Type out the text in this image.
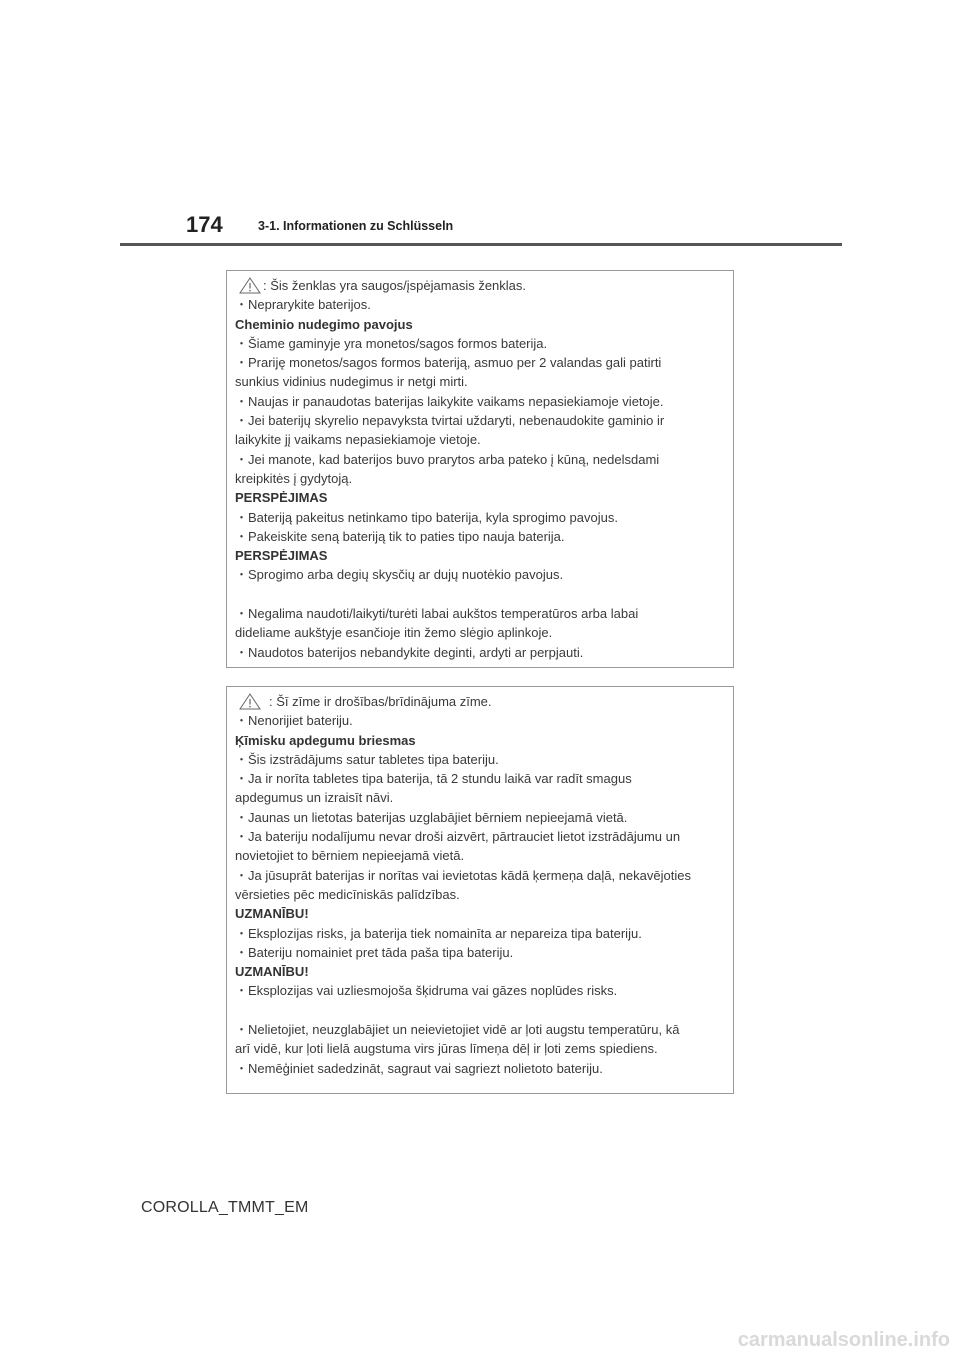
174	3-1. Informationen zu Schlüsseln
: Šis ženklas yra saugos/įspėjamasis ženklas.
・Neprarykite baterijos.
Cheminio nudegimo pavojus
・Šiame gaminyje yra monetos/sagos formos baterija.
・Prariję monetos/sagos formos bateriją, asmuo per 2 valandas gali patirti
sunkius vidinius nudegimus ir netgi mirti.
・Naujas ir panaudotas baterijas laikykite vaikams nepasiekiamoje vietoje.
・Jei baterijų skyrelio nepavyksta tvirtai uždaryti, nebenaudokite gaminio ir
laikykite jį vaikams nepasiekiamoje vietoje.
・Jei manote, kad baterijos buvo prarytos arba pateko į kūną, nedelsdami
kreipkitės į gydytoją.
PERSPĖJIMAS
・Bateriją pakeitus netinkamo tipo baterija, kyla sprogimo pavojus.
・Pakeiskite seną bateriją tik to paties tipo nauja baterija.
PERSPĖJIMAS
・Sprogimo arba degių skysčių ar dujų nuotėkio pavojus.
・Negalima naudoti/laikyti/turėti labai aukštos temperatūros arba labai
dideliame aukštyje esančioje itin žemo slėgio aplinkoje.
・Naudotos baterijos nebandykite deginti, ardyti ar perpjauti.
: Šī zīme ir drošības/brīdinājuma zīme.
・Nenorijiet bateriju.
Ķīmisku apdegumu briesmas
・Šis izstrādājums satur tabletes tipa bateriju.
・Ja ir norīta tabletes tipa baterija, tā 2 stundu laikā var radīt smagus
apdegumus un izraisīt nāvi.
・Jaunas un lietotas baterijas uzglabājiet bērniem nepieejamā vietā.
・Ja bateriju nodalījumu nevar droši aizvērt, pārtrauciet lietot izstrādājumu un
novietojiet to bērniem nepieejamā vietā.
・Ja jūsuprāt baterijas ir norītas vai ievietotas kādā ķermeņa daļā, nekavējoties
vērsieties pēc medicīniskās palīdzības.
UZMANĪBU!
・Eksplozijas risks, ja baterija tiek nomainīta ar nepareiza tipa bateriju.
・Bateriju nomainiet pret tāda paša tipa bateriju.
UZMANĪBU!
・Eksplozijas vai uzliesmojoša šķidruma vai gāzes noplūdes risks.
・Nelietojiet, neuzglabājiet un neievietojiet vidē ar ļoti augstu temperatūru, kā
arī vidē, kur ļoti lielā augstuma virs jūras līmeņa dēļ ir ļoti zems spiediens.
・Nemēģiniet sadedzināt, sagraut vai sagriezt nolietoto bateriju.
COROLLA_TMMT_EM
carmanualsonline.info
